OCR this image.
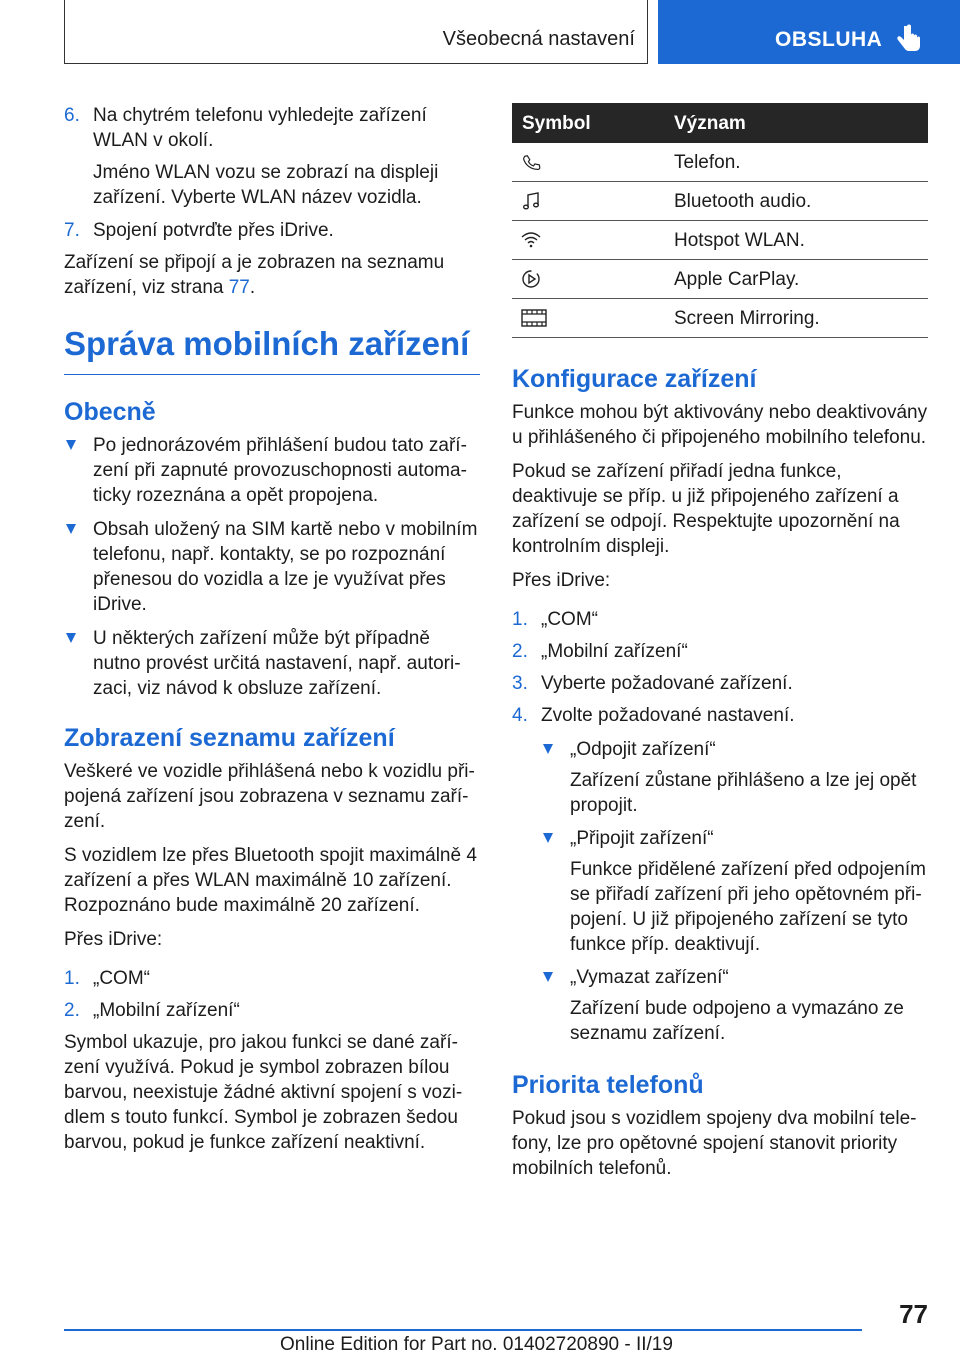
Všeobecná nastavení	OBSLUHA
6. Na chytrém telefonu vyhledejte zařízení WLAN v okolí.

Jméno WLAN vozu se zobrazí na displeji zařízení. Vyberte WLAN název vozidla.

7. Spojení potvrďte přes iDrive.

Zařízení se připojí a je zobrazen na seznamu zařízení, viz strana 77.

Správa mobilních zařízení
Obecně
Po jednorázovém přihlášení budou tato zařízení při zapnuté provozuschopnosti automaticky rozeznána a opět propojena.
Obsah uložený na SIM kartě nebo v mobilním telefonu, např. kontakty, se po rozpoznání přenesou do vozidla a lze je využívat přes iDrive.
U některých zařízení může být případně nutno provést určitá nastavení, např. autorizaci, viz návod k obsluze zařízení.
Zobrazení seznamu zařízení

Veškeré ve vozidle přihlášená nebo k vozidlu připojená zařízení jsou zobrazena v seznamu zařízení.

S vozidlem lze přes Bluetooth spojit maximálně 4 zařízení a přes WLAN maximálně 10 zařízení. Rozpoznáno bude maximálně 20 zařízení.

Přes iDrive:

1. „COM“
2. „Mobilní zařízení“

Symbol ukazuje, pro jakou funkci se dané zařízení využívá. Pokud je symbol zobrazen bílou barvou, neexistuje žádné aktivní spojení s vozidlem s touto funkcí. Symbol je zobrazen šedou barvou, pokud je funkce zařízení neaktivní.

Symbol	Význam

	Telefon.

	Bluetooth audio.

	Hotspot WLAN.

	Apple CarPlay.

	Screen Mirroring.
Konfigurace zařízení

Funkce mohou být aktivovány nebo deaktivovány u přihlášeného či připojeného mobilního telefonu.

Pokud se zařízení přiřadí jedna funkce, deaktivuje se příp. u již připojeného zařízení a zařízení se odpojí. Respektujte upozornění na kontrolním displeji.

Přes iDrive:

1. „COM“
2. „Mobilní zařízení“
3. Vyberte požadované zařízení.
4. Zvolte požadované nastavení.
„Odpojit zařízení“

Zařízení zůstane přihlášeno a lze jej opět propojit.

„Připojit zařízení“

Funkce přidělené zařízení před odpojením se přiřadí zařízení při jeho opětovném připojení. U již připojeného zařízení se tyto funkce příp. deaktivují.

„Vymazat zařízení“

Zařízení bude odpojeno a vymazáno ze seznamu zařízení.

Priorita telefonů

Pokud jsou s vozidlem spojeny dva mobilní telefony, lze pro opětovné spojení stanovit priority mobilních telefonů.

77
Online Edition for Part no. 01402720890 - II/19
